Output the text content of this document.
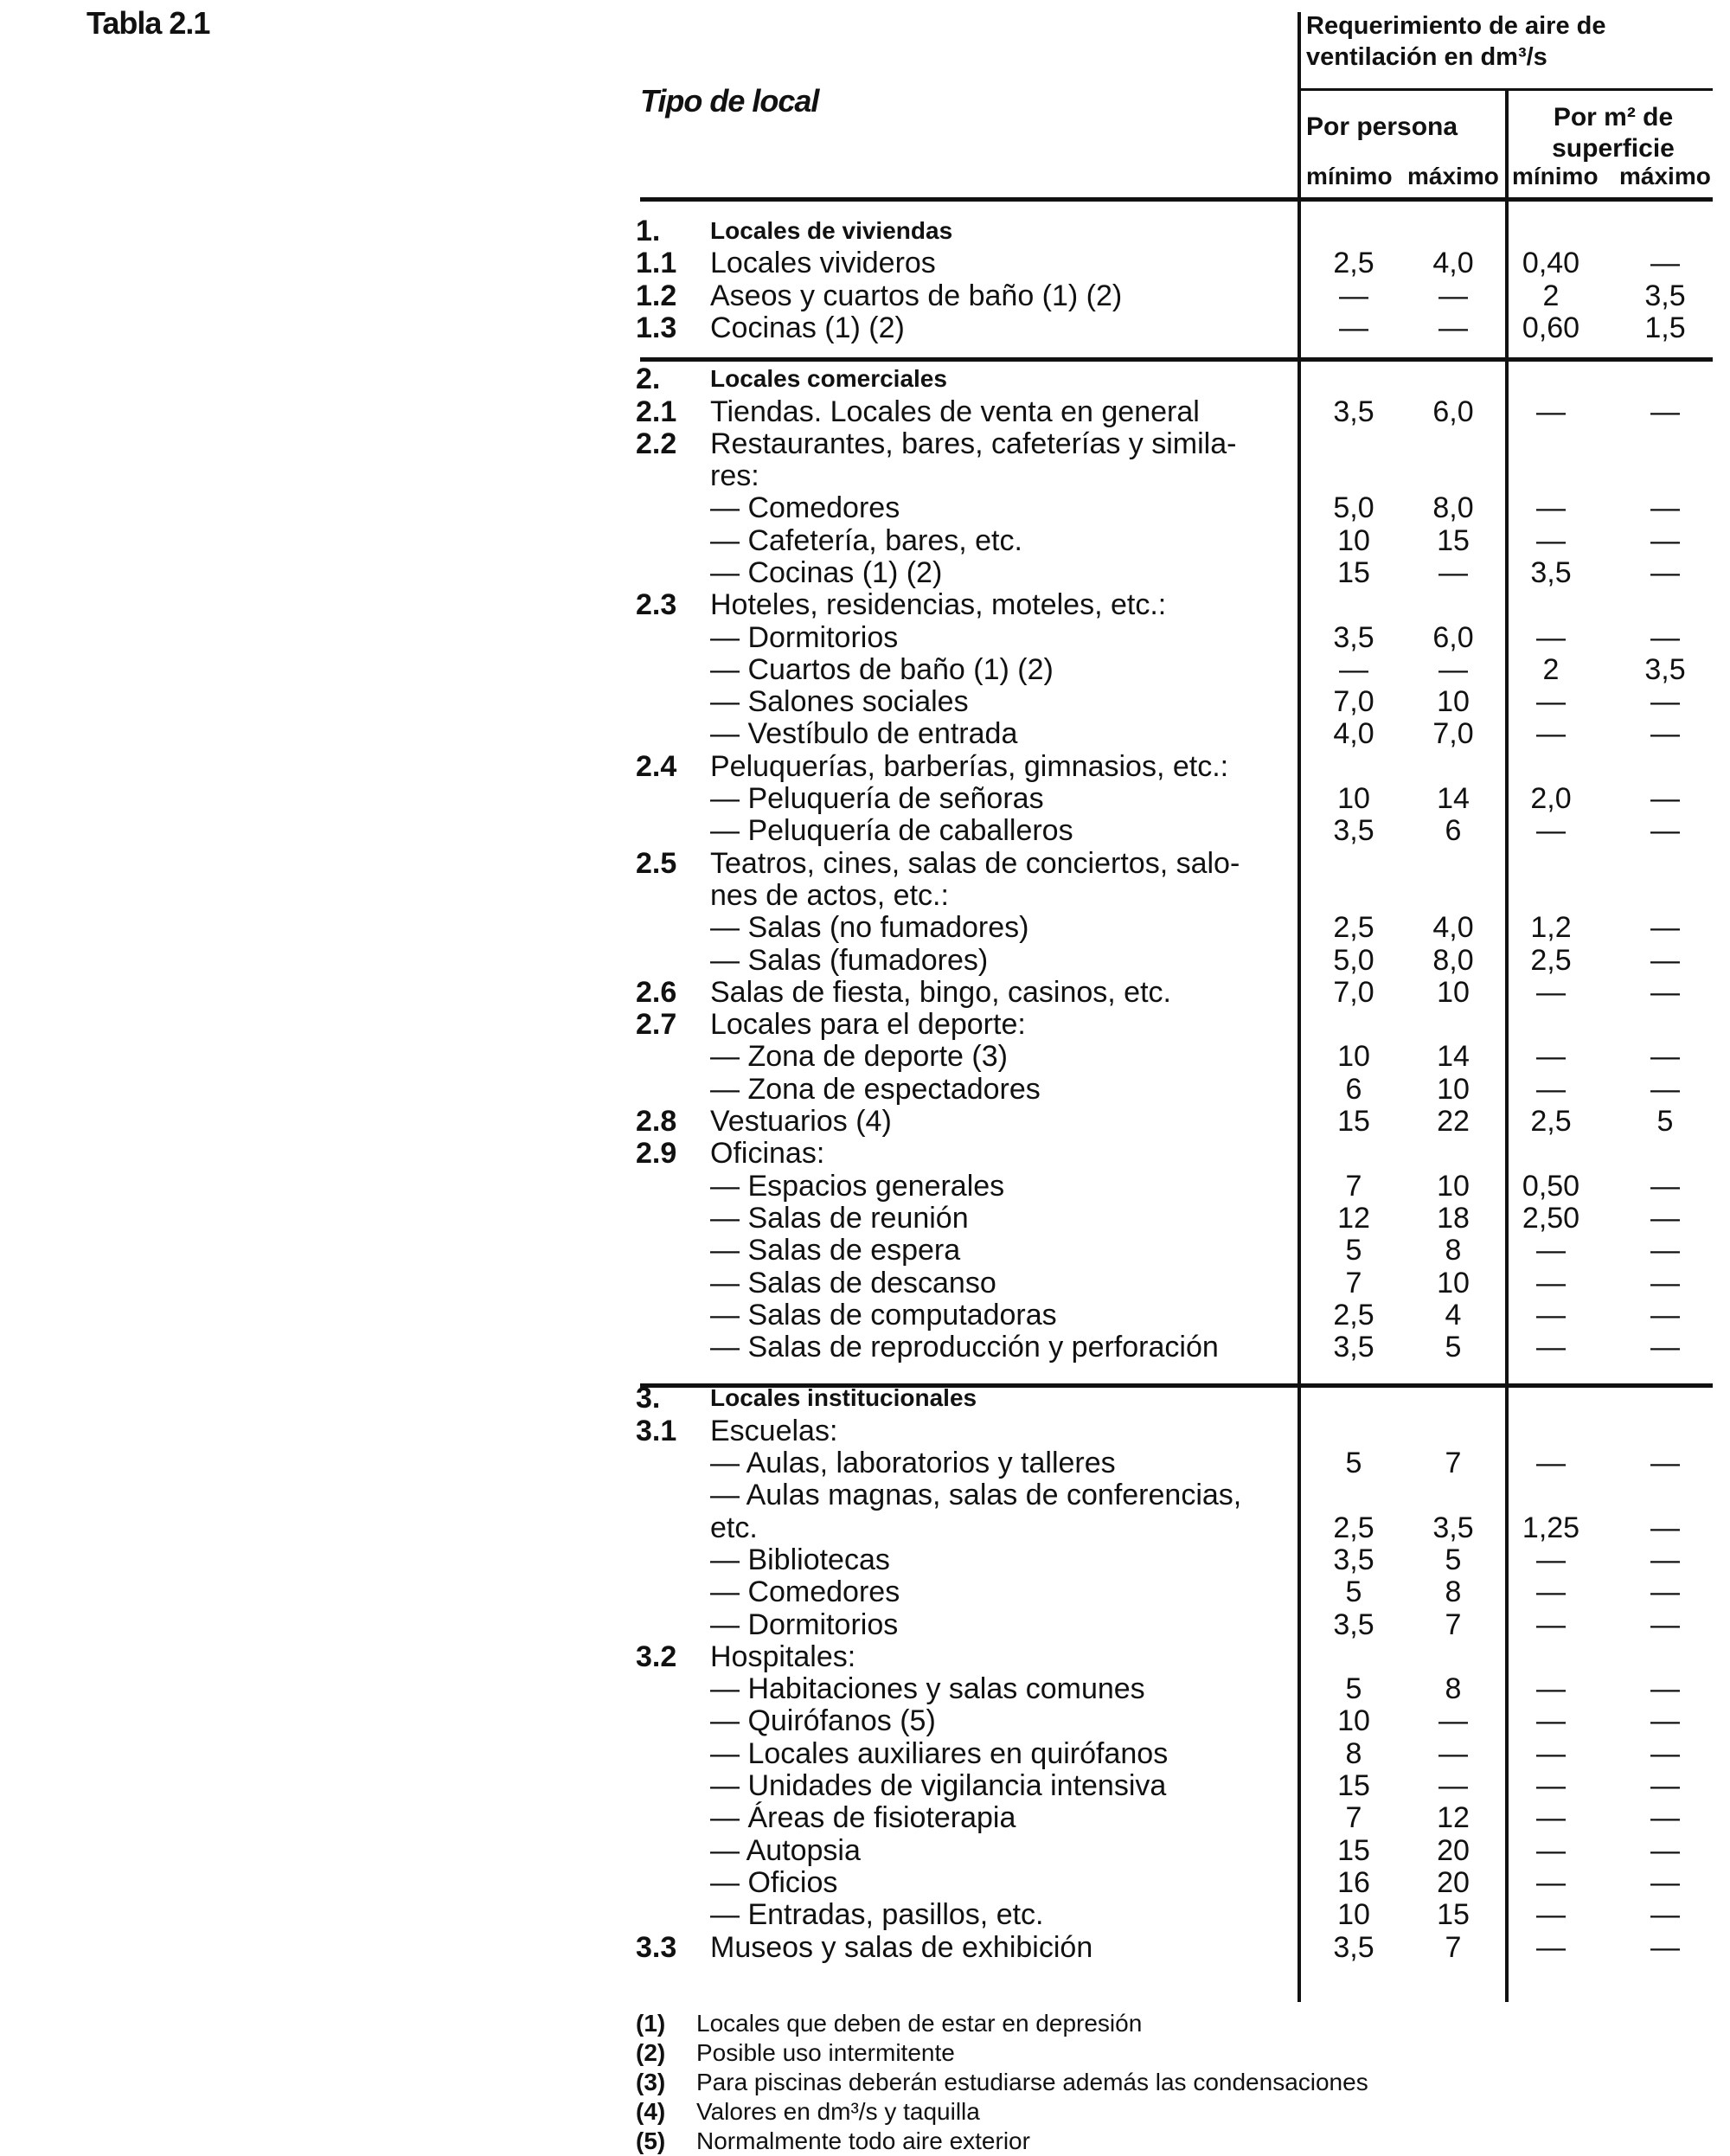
Tabla 2.1	Requerimiento de aire de
ventilación en dm³/s
Tipo de local
Por persona	Por m² de
superficie
mínimo máximo mínimo máximo
1. Locales de viviendas
1.1 Locales vivideros	2,5	4,0	0,40	—
1.2 Aseos y cuartos de baño (1) (2)	—	—	2	3,5
1.3 Cocinas (1) (2)	—	—	0,60	1,5
2. Locales comerciales
2.1 Tiendas. Locales de venta en general	3,5	6,0	—	—
2.2 Restaurantes, bares, cafeterías y simila-
res:
— Comedores	5,0	8,0	—	—
— Cafetería, bares, etc.	10	15	—	—
— Cocinas (1) (2)	15	—	3,5	—
2.3 Hoteles, residencias, moteles, etc.:
— Dormitorios	3,5	6,0	—	—
— Cuartos de baño (1) (2)	—	—	2	3,5
— Salones sociales	7,0	10	—	—
— Vestíbulo de entrada	4,0	7,0	—	—
2.4 Peluquerías, barberías, gimnasios, etc.:
— Peluquería de señoras	10	14	2,0	—
— Peluquería de caballeros	3,5	6	—	—
2.5 Teatros, cines, salas de conciertos, salo-
nes de actos, etc.:
— Salas (no fumadores)	2,5	4,0	1,2	—
— Salas (fumadores)	5,0	8,0	2,5	—
2.6 Salas de fiesta, bingo, casinos, etc.	7,0	10	—	—
2.7 Locales para el deporte:
— Zona de deporte (3)	10	14	—	—
— Zona de espectadores	6	10	—	—
2.8 Vestuarios (4)	15	22	2,5	5
2.9 Oficinas:
— Espacios generales	7	10	0,50	—
— Salas de reunión	12	18	2,50	—
— Salas de espera	5	8	—	—
— Salas de descanso	7	10	—	—
— Salas de computadoras	2,5	4	—	—
— Salas de reproducción y perforación	3,5	5	—	—
3. Locales institucionales
3.1 Escuelas:
— Aulas, laboratorios y talleres	5	7	—	—
— Aulas magnas, salas de conferencias,
etc.	2,5	3,5	1,25	—
— Bibliotecas	3,5	5	—	—
— Comedores	5	8	—	—
— Dormitorios	3,5	7	—	—
3.2 Hospitales:
— Habitaciones y salas comunes	5	8	—	—
— Quirófanos (5)	10	—	—	—
— Locales auxiliares en quirófanos	8	—	—	—
— Unidades de vigilancia intensiva	15	—	—	—
— Áreas de fisioterapia	7	12	—	—
— Autopsia	15	20	—	—
— Oficios	16	20	—	—
— Entradas, pasillos, etc.	10	15	—	—
3.3 Museos y salas de exhibición	3,5	7	—	—
(1) Locales que deben de estar en depresión
(2) Posible uso intermitente
(3) Para piscinas deberán estudiarse además las condensaciones
(4) Valores en dm³/s y taquilla
(5) Normalmente todo aire exterior
